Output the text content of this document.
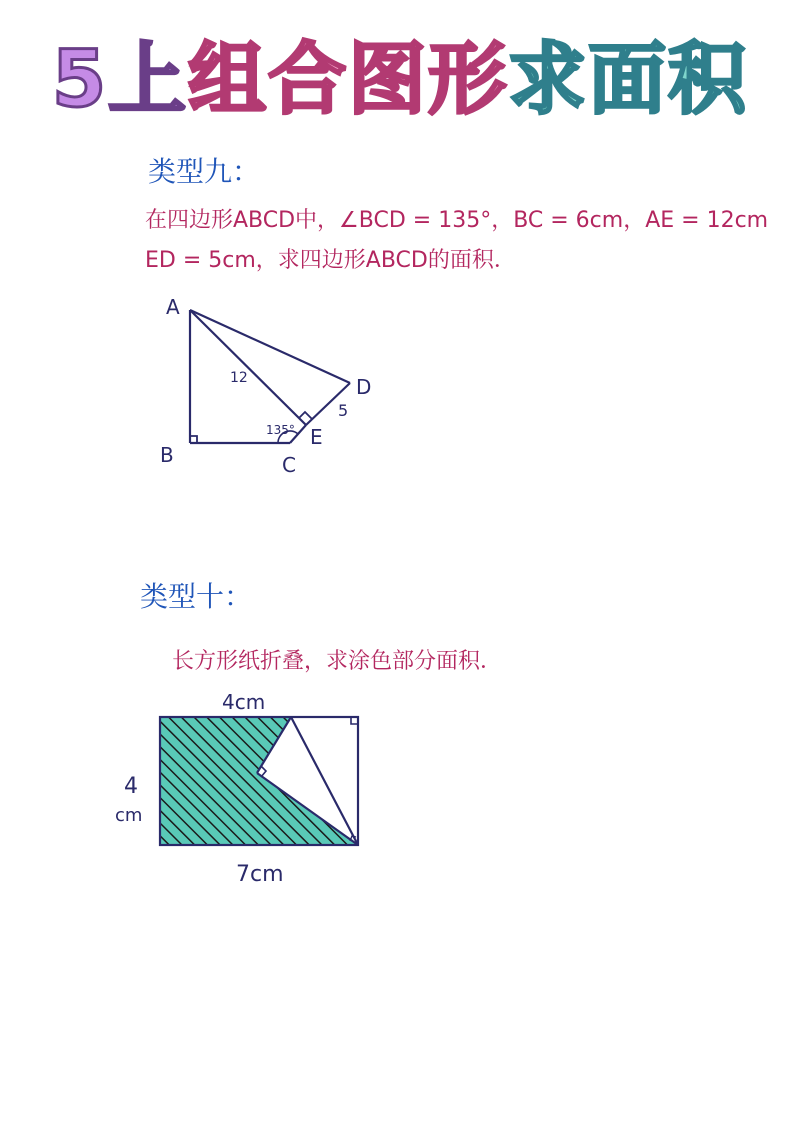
5上 组合图形 求面积
类型九：
在四边形ABCD中，∠BCD = 135°，BC = 6cm，AE = 12cm
ED = 5cm，求四边形ABCD的面积．
A
B	C
D
E
12
5
135°
类型十：
长方形纸折叠，求涂色部分面积．
4cm
4
cm
7cm
